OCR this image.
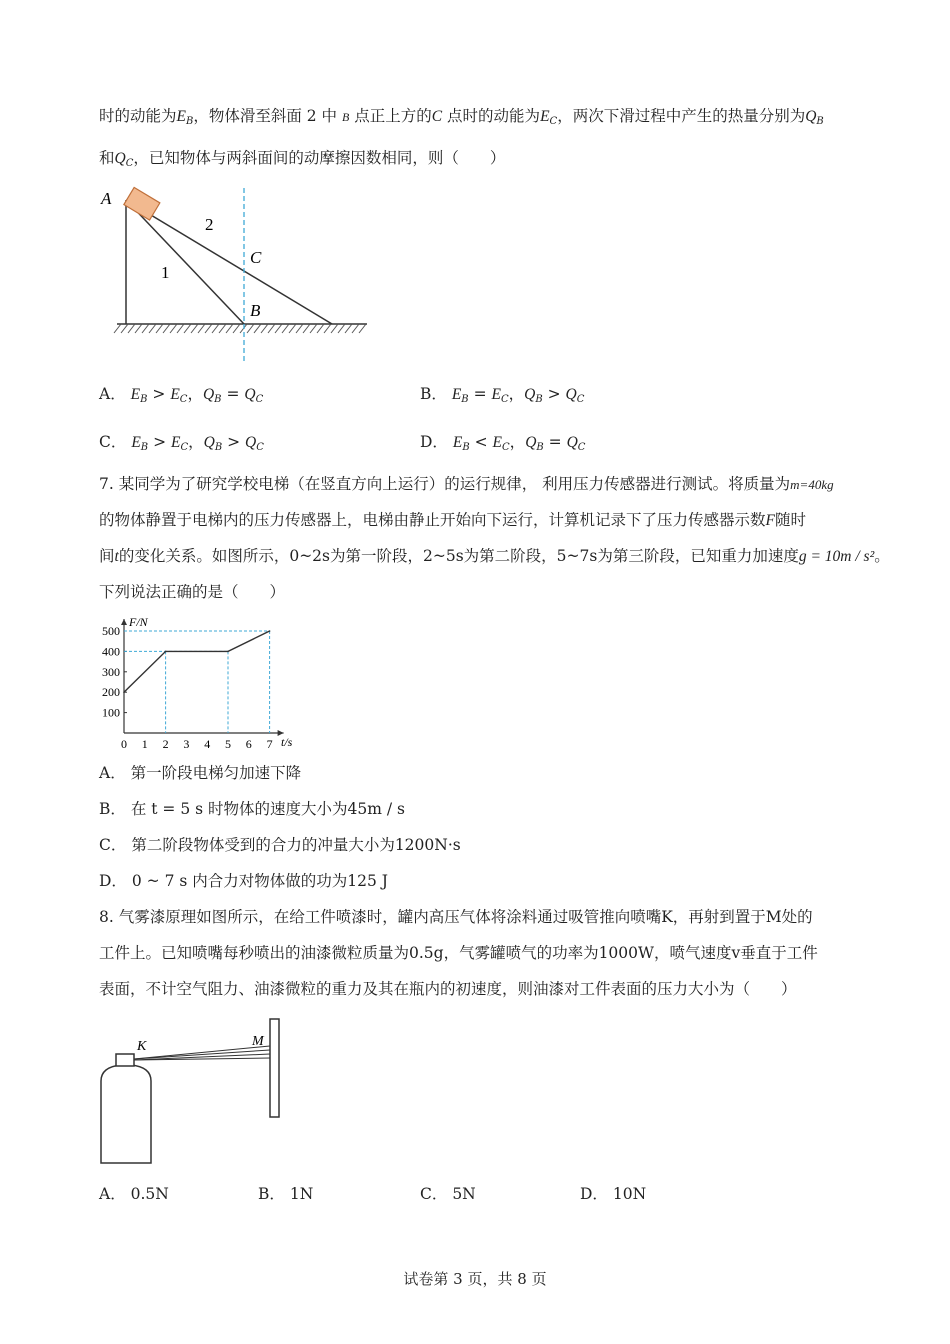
时的动能为$E_B$，物体滑至斜面 2 中 B 点正上方的C 点时的动能为$E_C$，两次下滑过程中产生的热量分别为$Q_B$
和$Q_C$，已知物体与两斜面间的动摩擦因数相同，则（　　）
A
2
1
C
B
A． $E_B > E_C$，$Q_B = Q_C$	B． $E_B = E_C$，$Q_B > Q_C$
C． $E_B > E_C$，$Q_B > Q_C$	D． $E_B < E_C$，$Q_B = Q_C$
7. 某同学为了研究学校电梯（在竖直方向上运行）的运行规律， 利用压力传感器进行测试。将质量为m=40kg
的物体静置于电梯内的压力传感器上，电梯由静止开始向下运行，计算机记录下了压力传感器示数F随时
间t的变化关系。如图所示，0~2s为第一阶段，2~5s为第二阶段，5~7s为第三阶段，已知重力加速度g = 10m / s²。
下列说法正确的是（　　）
100
200
300
400
500
0 1 2 3 4 5 6 7
F/N
t/s
A． 第一阶段电梯匀加速下降
B． 在 t = 5 s 时物体的速度大小为45m / s
C． 第二阶段物体受到的合力的冲量大小为1200N·s
D． 0 ~ 7 s 内合力对物体做的功为125 J
8. 气雾漆原理如图所示，在给工件喷漆时，罐内高压气体将涂料通过吸管推向喷嘴K，再射到置于M处的
工件上。已知喷嘴每秒喷出的油漆微粒质量为0.5g，气雾罐喷气的功率为1000W，喷气速度v垂直于工件
表面，不计空气阻力、油漆微粒的重力及其在瓶内的初速度，则油漆对工件表面的压力大小为（　　）
K	M
A． 0.5N	B． 1N	C． 5N	D． 10N
试卷第 3 页，共 8 页
